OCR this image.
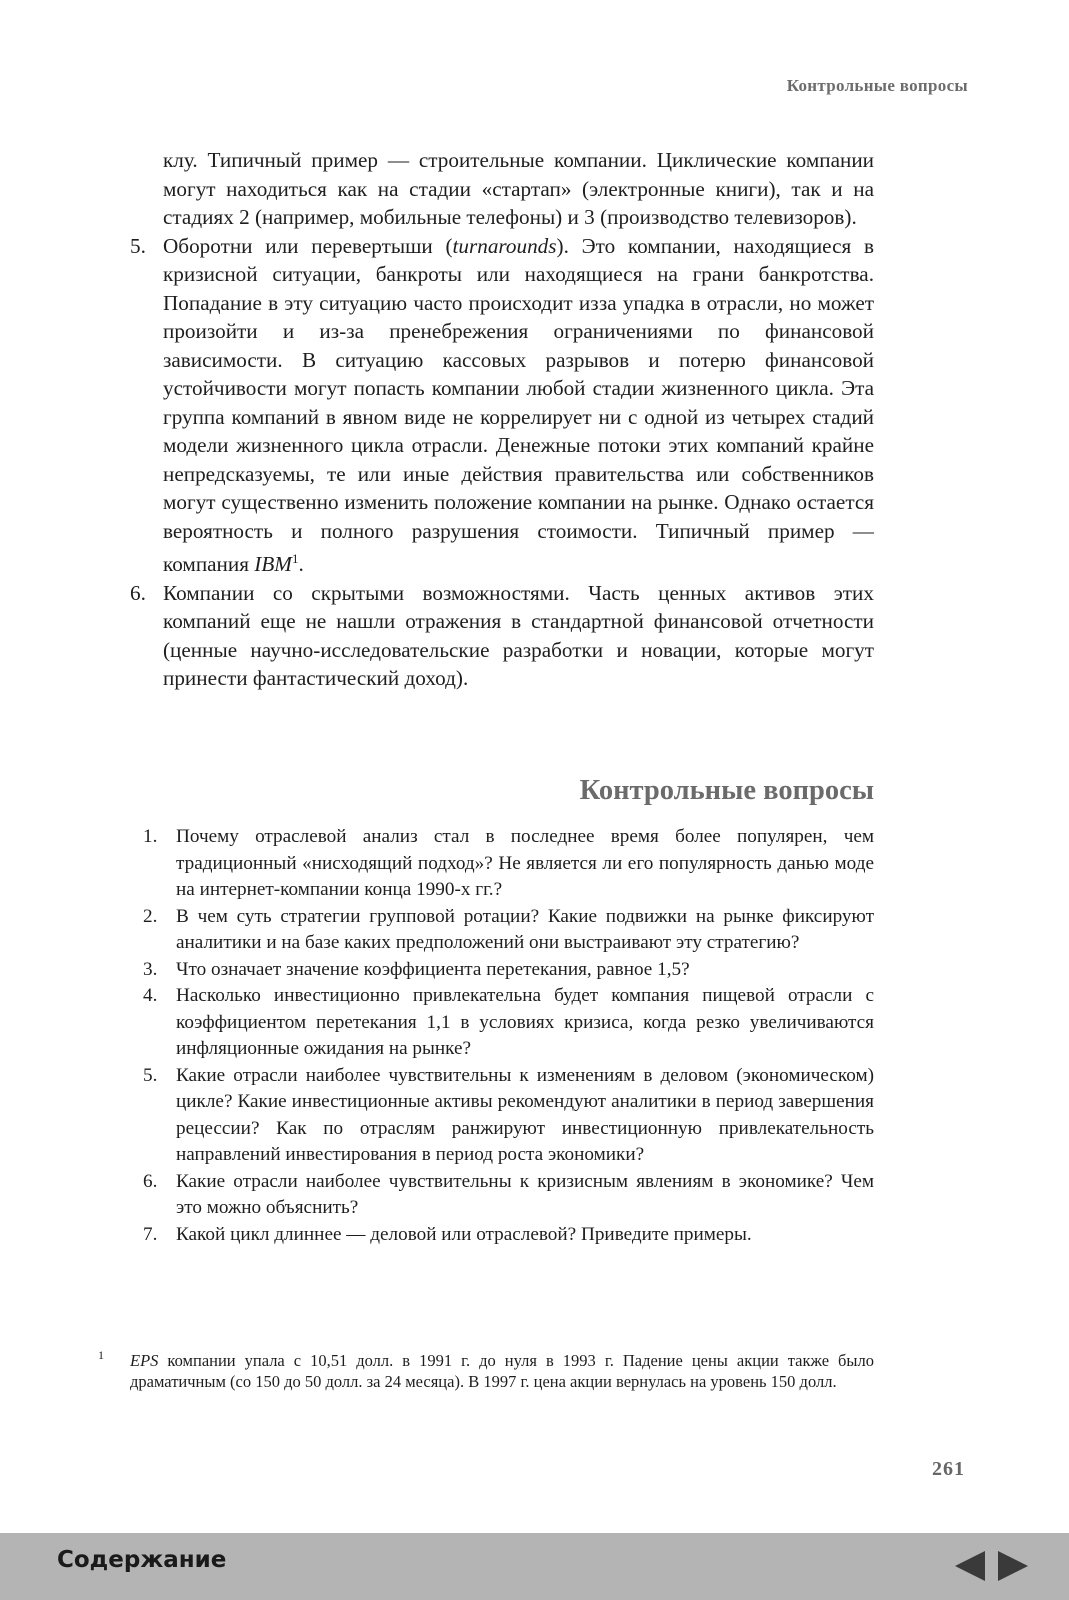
Контрольные вопросы

клу. Типичный пример — строительные компании. Циклические компании могут находиться как на стадии «стартап» (электронные книги), так и на стадиях 2 (например, мобильные телефоны) и 3 (производство телевизоров).

5. Оборотни или перевертыши (turnarounds). Это компании, находящиеся в кризисной ситуации, банкроты или находящиеся на грани банкротства. Попадание в эту ситуацию часто происходит изза упадка в отрасли, но может произойти и из-за пренебрежения ограничениями по финансовой зависимости. В ситуацию кассовых разрывов и потерю финансовой устойчивости могут попасть компании любой стадии жизненного цикла. Эта группа компаний в явном виде не коррелирует ни с одной из четырех стадий модели жизненного цикла отрасли. Денежные потоки этих компаний крайне непредсказуемы, те или иные действия правительства или собственников могут существенно изменить положение компании на рынке. Однако остается вероятность и полного разрушения стоимости. Типичный пример — компания IBM$^1$.
6. Компании со скрытыми возможностями. Часть ценных активов этих компаний еще не нашли отражения в стандартной финансовой отчетности (ценные научно-исследовательские разработки и новации, которые могут принести фантастический доход).
Контрольные вопросы
1. Почему отраслевой анализ стал в последнее время более популярен, чем традиционный «нисходящий подход»? Не является ли его популярность данью моде на интернет-компании конца 1990-х гг.?
2. В чем суть стратегии групповой ротации? Какие подвижки на рынке фиксируют аналитики и на базе каких предположений они выстраивают эту стратегию?
3. Что означает значение коэффициента перетекания, равное 1,5?
4. Насколько инвестиционно привлекательна будет компания пищевой отрасли с коэффициентом перетекания 1,1 в условиях кризиса, когда резко увеличиваются инфляционные ожидания на рынке?
5. Какие отрасли наиболее чувствительны к изменениям в деловом (экономическом) цикле? Какие инвестиционные активы рекомендуют аналитики в период завершения рецессии? Как по отраслям ранжируют инвестиционную привлекательность направлений инвестирования в период роста экономики?
6. Какие отрасли наиболее чувствительны к кризисным явлениям в экономике? Чем это можно объяснить?
7. Какой цикл длиннее — деловой или отраслевой? Приведите примеры.
1	EPS компании упала с 10,51 долл. в 1991 г. до нуля в 1993 г. Падение цены акции также было драматичным (со 150 до 50 долл. за 24 месяца). В 1997 г. цена акции вернулась на уровень 150 долл.
261
Содержание
